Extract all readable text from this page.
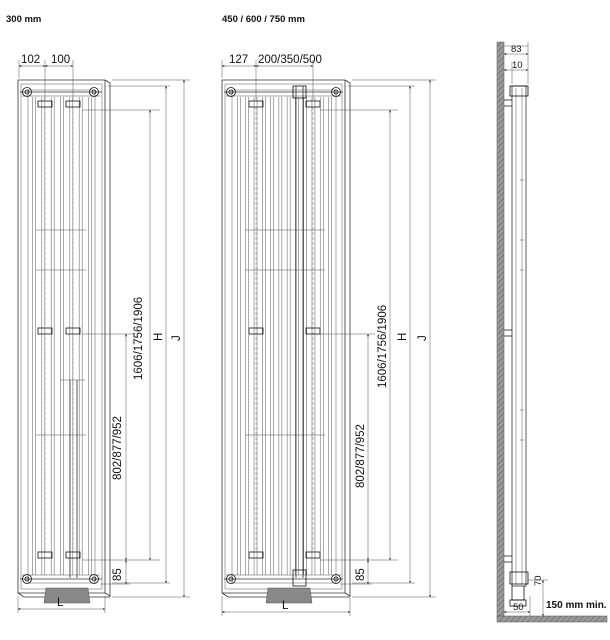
300 mm	450 / 600 / 750 mm
102 100
1606/1756/1906
802/877/952
85
H J
L
127 200/350/500
1606/1756/1906
802/877/952
85
H J
L
83
10
70
50 150 mm min.
